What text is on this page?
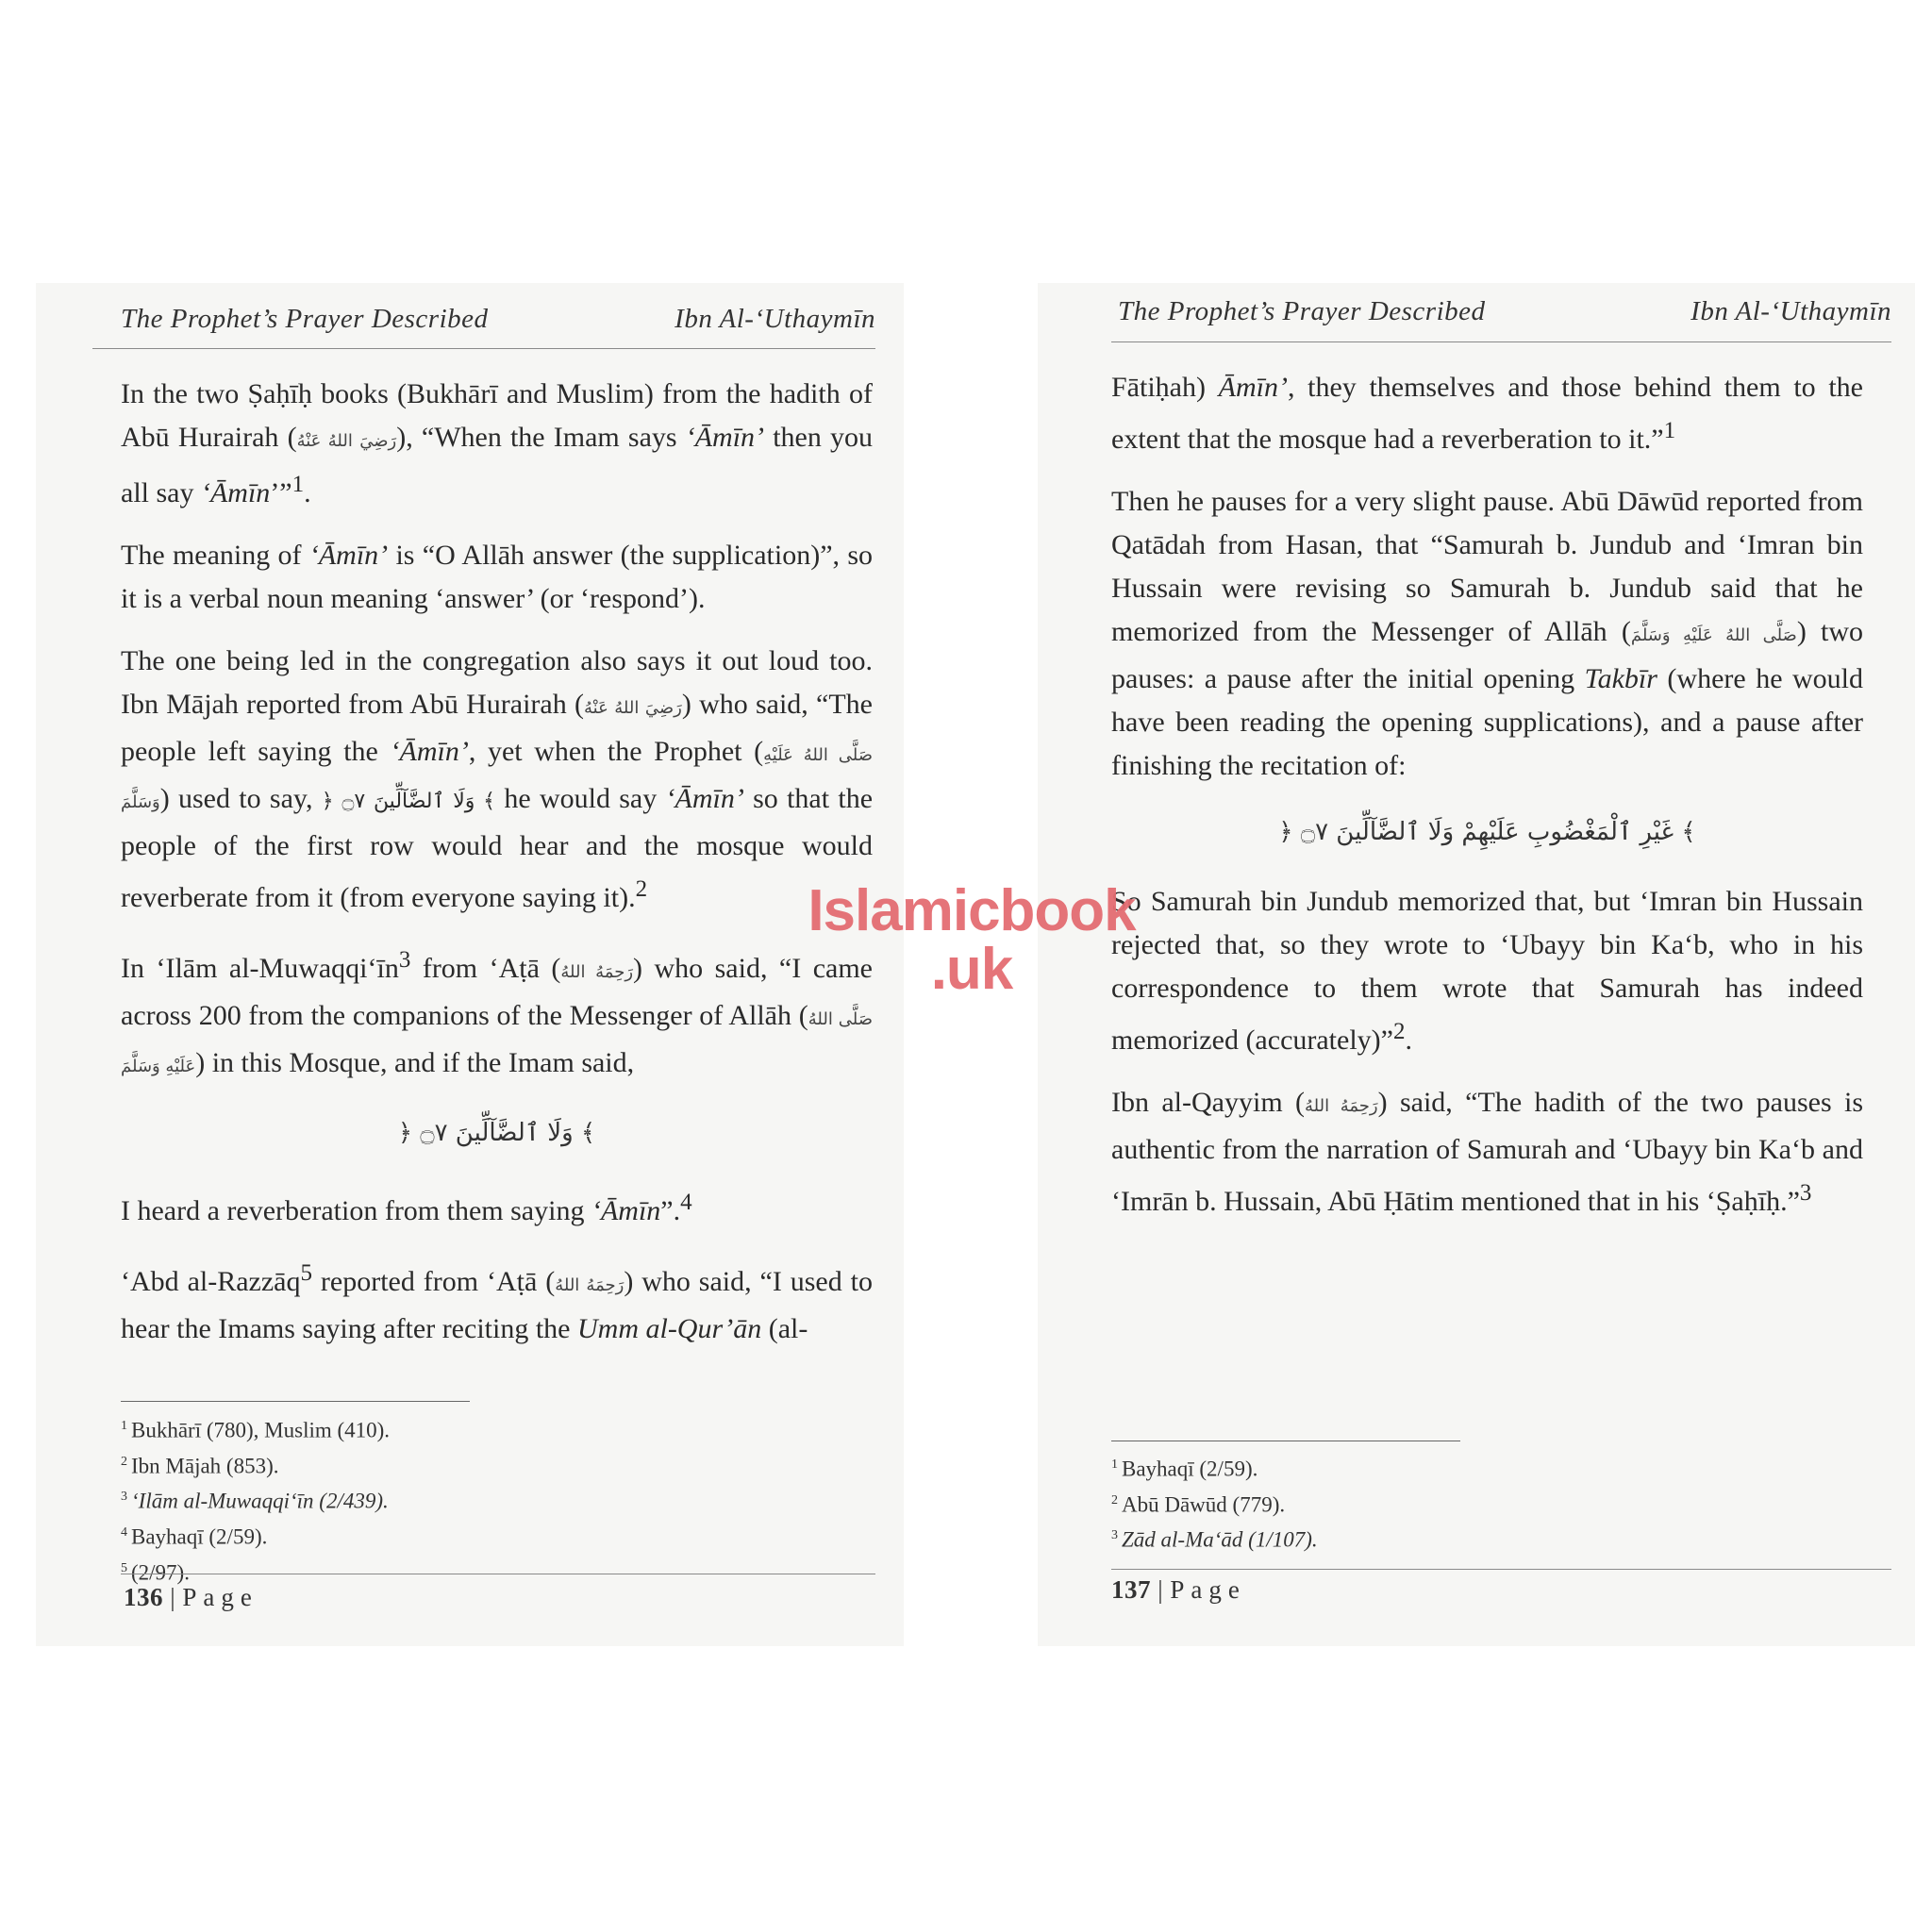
The Prophet’s Prayer Described	Ibn Al-‘Uthaymīn

In the two Ṣaḥīḥ books (Bukhārī and Muslim) from the hadith of Abū Hurairah (رَضِيَ اللهُ عَنْهُ), “When the Imam says ‘Āmīn’ then you all say ‘Āmīn’”$^1$.

The meaning of ‘Āmīn’ is “O Allāh answer (the supplication)”, so it is a verbal noun meaning ‘answer’ (or ‘respond’).

The one being led in the congregation also says it out loud too. Ibn Mājah reported from Abū Hurairah (رَضِيَ اللهُ عَنْهُ) who said, “The people left saying the ‘Āmīn’, yet when the Prophet (صَلَّى اللهُ عَلَيْهِ وَسَلَّمَ) used to say, ﴿ وَلَا ٱلضَّآلِّينَ ۝٧ ﴾ he would say ‘Āmīn’ so that the people of the first row would hear and the mosque would reverberate from it (from everyone saying it).$^2$

In ‘Ilām $al-Muwaqqi‘īn^3$ from ‘Aṭā (رَحِمَهُ اللهُ) who said, “I came across 200 from the companions of the Messenger of Allāh (صَلَّى اللهُ عَلَيْهِ وَسَلَّمَ) in this Mosque, and if the Imam said,

﴿ وَلَا ٱلضَّآلِّينَ ۝٧ ﴾

I heard a reverberation from them saying ‘Āmīn”.$^4$

‘Abd al-Razzāq$^5$ reported from ‘Aṭā (رَحِمَهُ اللهُ) who said, “I used to hear the Imams saying after reciting the Umm al-Qur’ān (al-

$^1$ Bukhārī (780), Muslim (410).
$^2$ Ibn Mājah (853).
$^3$ ‘Ilām al-Muwaqqi‘īn (2/439).
$^4$ Bayhaqī (2/59).
$^5$ (2/97).
136 | Page
The Prophet’s Prayer Described	Ibn Al-‘Uthaymīn

Fātiḥah) Āmīn’, they themselves and those behind them to the extent that the mosque had a reverberation to it.”$^1$

Then he pauses for a very slight pause. Abū Dāwūd reported from Qatādah from Hasan, that “Samurah b. Jundub and ‘Imran bin Hussain were revising so Samurah b. Jundub said that he memorized from the Messenger of Allāh (صَلَّى اللهُ عَلَيْهِ وَسَلَّمَ) two pauses: a pause after the initial opening Takbīr (where he would have been reading the opening supplications), and a pause after finishing the recitation of:

﴿ غَيْرِ ٱلْمَغْضُوبِ عَلَيْهِمْ وَلَا ٱلضَّآلِّينَ ۝٧ ﴾

So Samurah bin Jundub memorized that, but ‘Imran bin Hussain rejected that, so they wrote to ‘Ubayy bin Ka‘b, who in his correspondence to them wrote that Samurah has indeed memorized (accurately)”$^2$.

Ibn al-Qayyim (رَحِمَهُ اللهُ) said, “The hadith of the two pauses is authentic from the narration of Samurah and ‘Ubayy bin Ka‘b and ‘Imrān b. Hussain, Abū Ḥātim mentioned that in his ‘Ṣaḥīḥ.”$^3$

$^1$ Bayhaqī (2/59).
$^2$ Abū Dāwūd (779).
$^3$ Zād al-Ma‘ād (1/107).
137 | Page
Islamicbook
.uk
